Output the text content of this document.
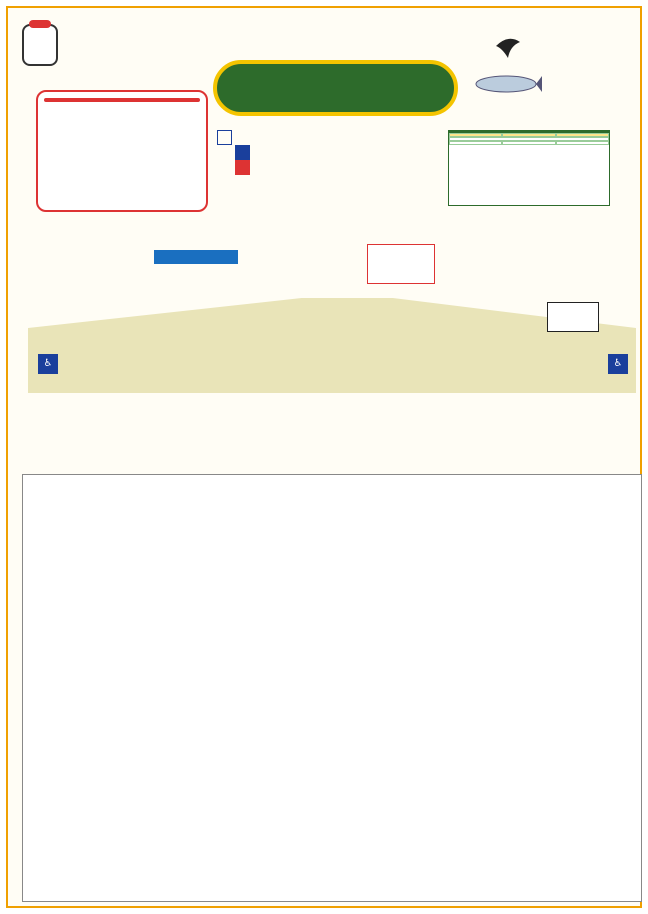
♿	♿
